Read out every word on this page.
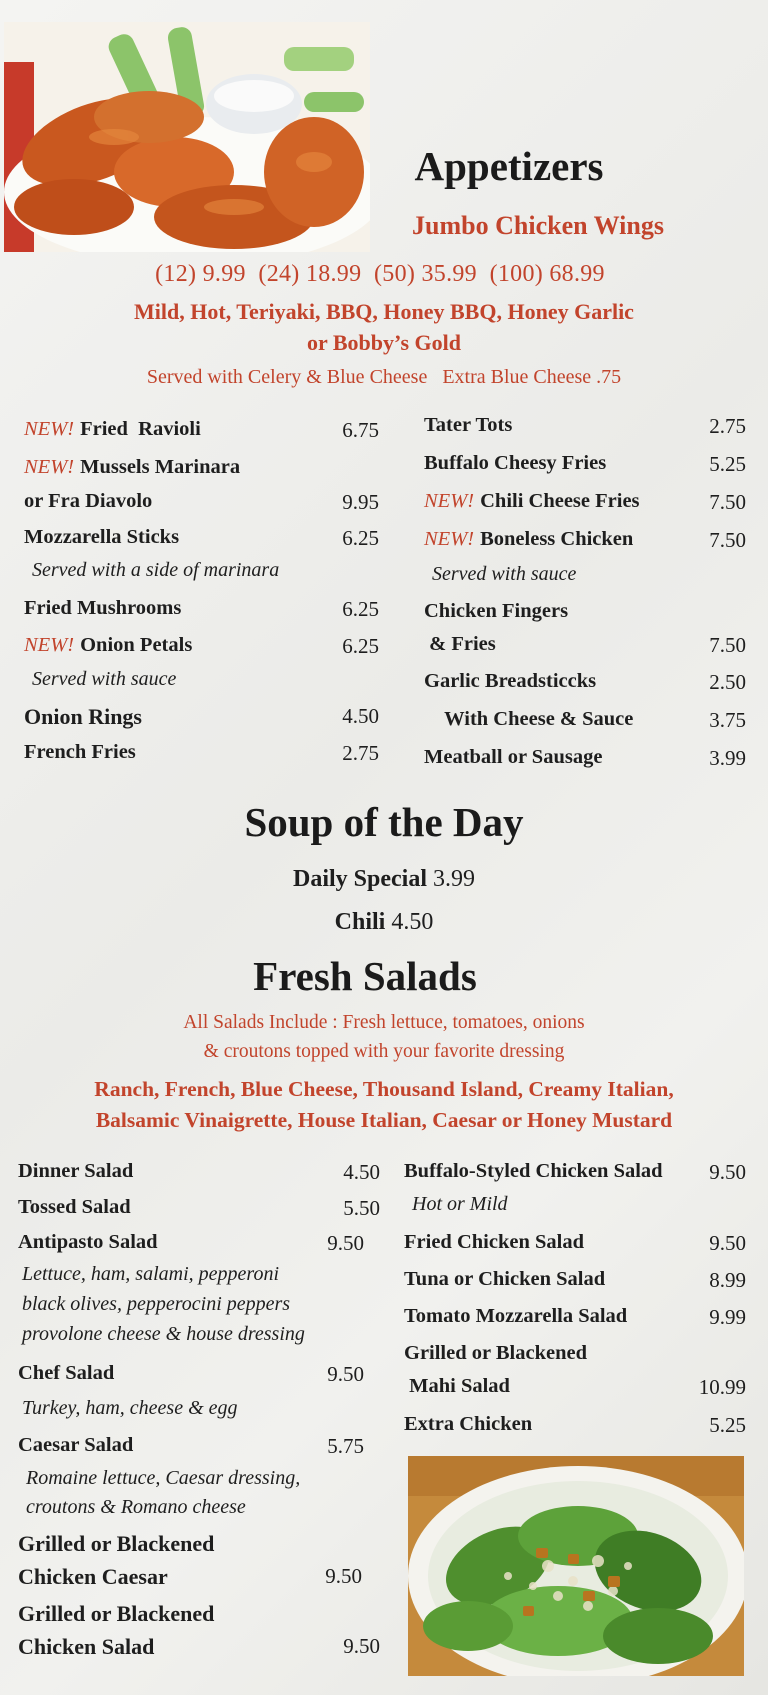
Appetizers
Jumbo Chicken Wings
(12) 9.99  (24) 18.99  (50) 35.99  (100) 68.99
Mild, Hot, Teriyaki, BBQ, Honey BBQ, Honey Garlic
or Bobby’s Gold
Served with Celery & Blue Cheese   Extra Blue Cheese .75
NEW! Fried  Ravioli	6.75
NEW! Mussels Marinara
or Fra Diavolo	9.95
Mozzarella Sticks	6.25
Served with a side of marinara
Fried Mushrooms	6.25
NEW! Onion Petals	6.25
Served with sauce
Onion Rings	4.50
French Fries	2.75
Tater Tots	2.75
Buffalo Cheesy Fries	5.25
NEW! Chili Cheese Fries	7.50
NEW! Boneless Chicken	7.50
Served with sauce
Chicken Fingers
& Fries	7.50
Garlic Breadsticcks	2.50
With Cheese & Sauce	3.75
Meatball or Sausage	3.99
Soup of the Day
Daily Special 3.99
Chili 4.50
Fresh Salads
All Salads Include : Fresh lettuce, tomatoes, onions
& croutons topped with your favorite dressing
Ranch, French, Blue Cheese, Thousand Island, Creamy Italian,
Balsamic Vinaigrette, House Italian, Caesar or Honey Mustard
Dinner Salad	4.50
Tossed Salad	5.50
Antipasto Salad	9.50
Lettuce, ham, salami, pepperoni
black olives, pepperocini peppers
provolone cheese & house dressing
Chef Salad	9.50
Turkey, ham, cheese & egg
Caesar Salad	5.75
Romaine lettuce, Caesar dressing,
croutons & Romano cheese
Grilled or Blackened
Chicken Caesar	9.50
Grilled or Blackened
Chicken Salad	9.50
Buffalo-Styled Chicken Salad 9.50
Hot or Mild
Fried Chicken Salad	9.50
Tuna or Chicken Salad	8.99
Tomato Mozzarella Salad	9.99
Grilled or Blackened
Mahi Salad	10.99
Extra Chicken	5.25
